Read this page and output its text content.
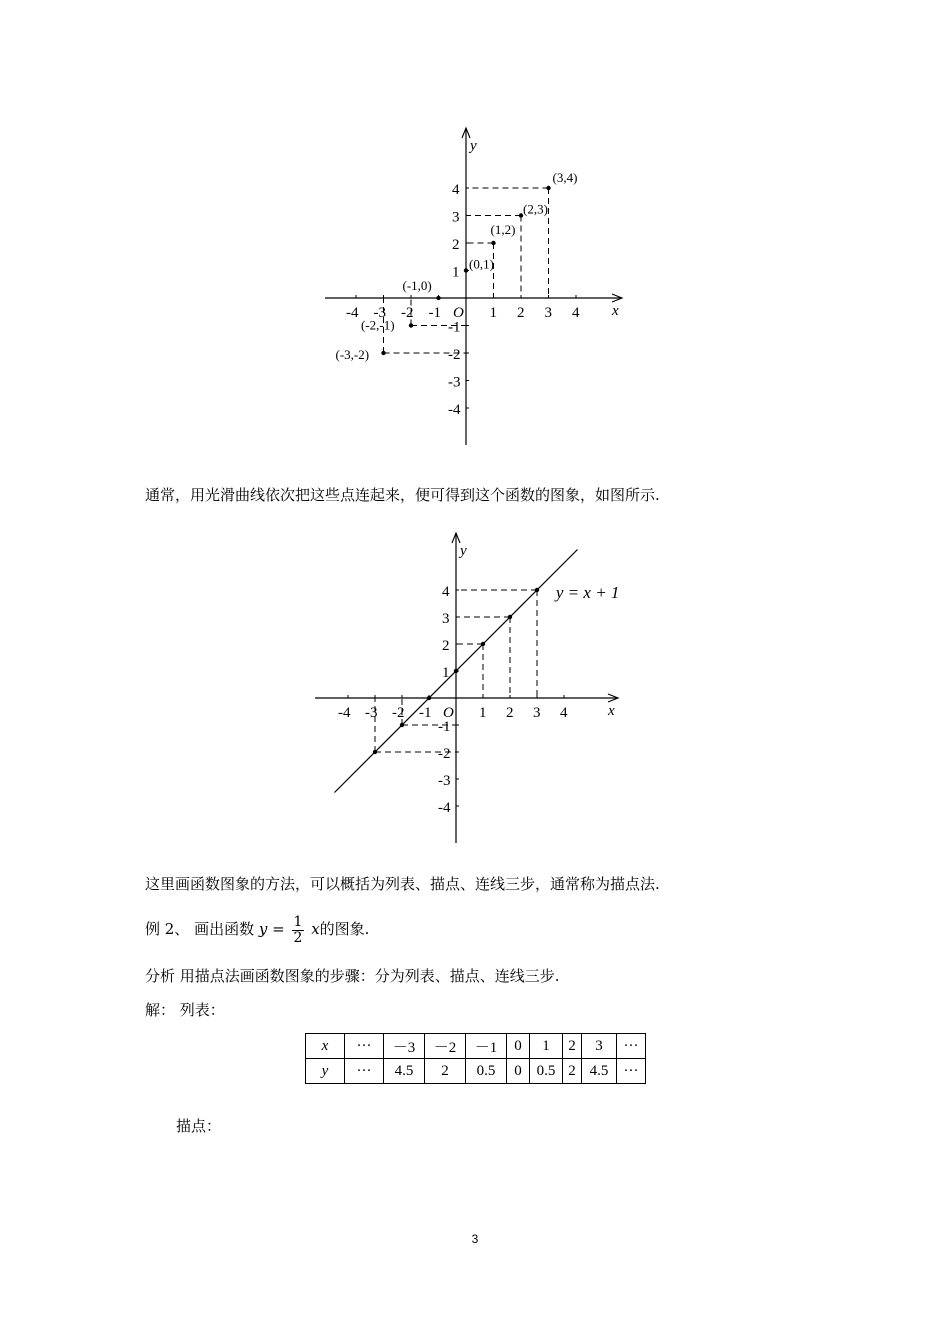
x
y
O
-4 -3 -2 -1	1 2 3 4
4
3
2
1
-1
-2
-3
-4
(-3,-2)
(-2,-1)
(-1,0)
(0,1)
(1,2)
(2,3)
(3,4)
通常，用光滑曲线依次把这些点连起来，便可得到这个函数的图象，如图所示.
x
y
O
-4 -3 -2 -1	1 2 3 4
4
3
2
1
-1
-2
-3
-4
y = x + 1
这里画函数图象的方法，可以概括为列表、描点、连线三步，通常称为描点法.
例 2、 画出函数 $y = \frac{1}{2}$ x的图象.
分析 用描点法画函数图象的步骤：分为列表、描点、连线三步.
解： 列表：
x	···	－3	－2	－1	0	1	2	3	···
y	···	4.5	2	0.5	0	0.5	2	4.5	···
描点：
3
